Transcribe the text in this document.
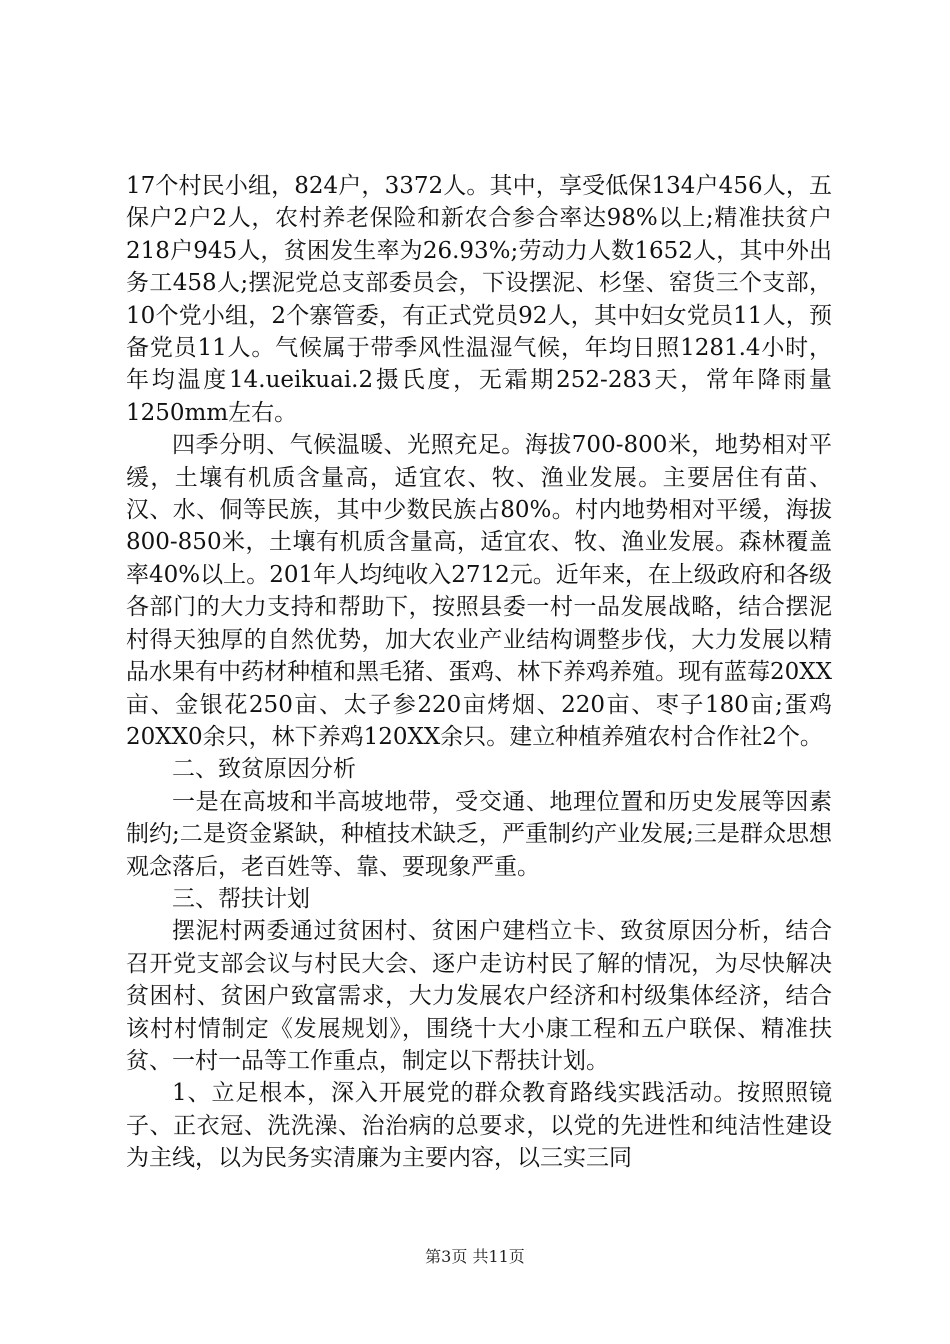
17个村民小组，824户，3372人。其中，享受低保134户456人，五保户2户2人，农村养老保险和新农合参合率达98%以上;精准扶贫户218户945人，贫困发生率为26.93%;劳动力人数1652人，其中外出务工458人;摆泥党总支部委员会，下设摆泥、杉堡、窑货三个支部，10个党小组，2个寨管委，有正式党员92人，其中妇女党员11人，预备党员11人。气候属于带季风性温湿气候，年均日照1281.4小时，年均温度14.ueikuai.2摄氏度，无霜期252-283天，常年降雨量1250mm左右。

四季分明、气候温暖、光照充足。海拔700-800米，地势相对平缓，土壤有机质含量高，适宜农、牧、渔业发展。主要居住有苗、汉、水、侗等民族，其中少数民族占80%。村内地势相对平缓，海拔800-850米，土壤有机质含量高，适宜农、牧、渔业发展。森林覆盖率40%以上。201年人均纯收入2712元。近年来，在上级政府和各级各部门的大力支持和帮助下，按照县委一村一品发展战略，结合摆泥村得天独厚的自然优势，加大农业产业结构调整步伐，大力发展以精品水果有中药材种植和黑毛猪、蛋鸡、林下养鸡养殖。现有蓝莓20XX亩、金银花250亩、太子参220亩烤烟、220亩、枣子180亩;蛋鸡20XX0余只，林下养鸡120XX余只。建立种植养殖农村合作社2个。

二、致贫原因分析

一是在高坡和半高坡地带，受交通、地理位置和历史发展等因素制约;二是资金紧缺，种植技术缺乏，严重制约产业发展;三是群众思想观念落后，老百姓等、靠、要现象严重。

三、帮扶计划

摆泥村两委通过贫困村、贫困户建档立卡、致贫原因分析，结合召开党支部会议与村民大会、逐户走访村民了解的情况，为尽快解决贫困村、贫困户致富需求，大力发展农户经济和村级集体经济，结合该村村情制定《发展规划》，围绕十大小康工程和五户联保、精准扶贫、一村一品等工作重点，制定以下帮扶计划。

1、立足根本，深入开展党的群众教育路线实践活动。按照照镜子、正衣冠、洗洗澡、治治病的总要求，以党的先进性和纯洁性建设为主线，以为民务实清廉为主要内容，以三实三同

第3页 共11页
